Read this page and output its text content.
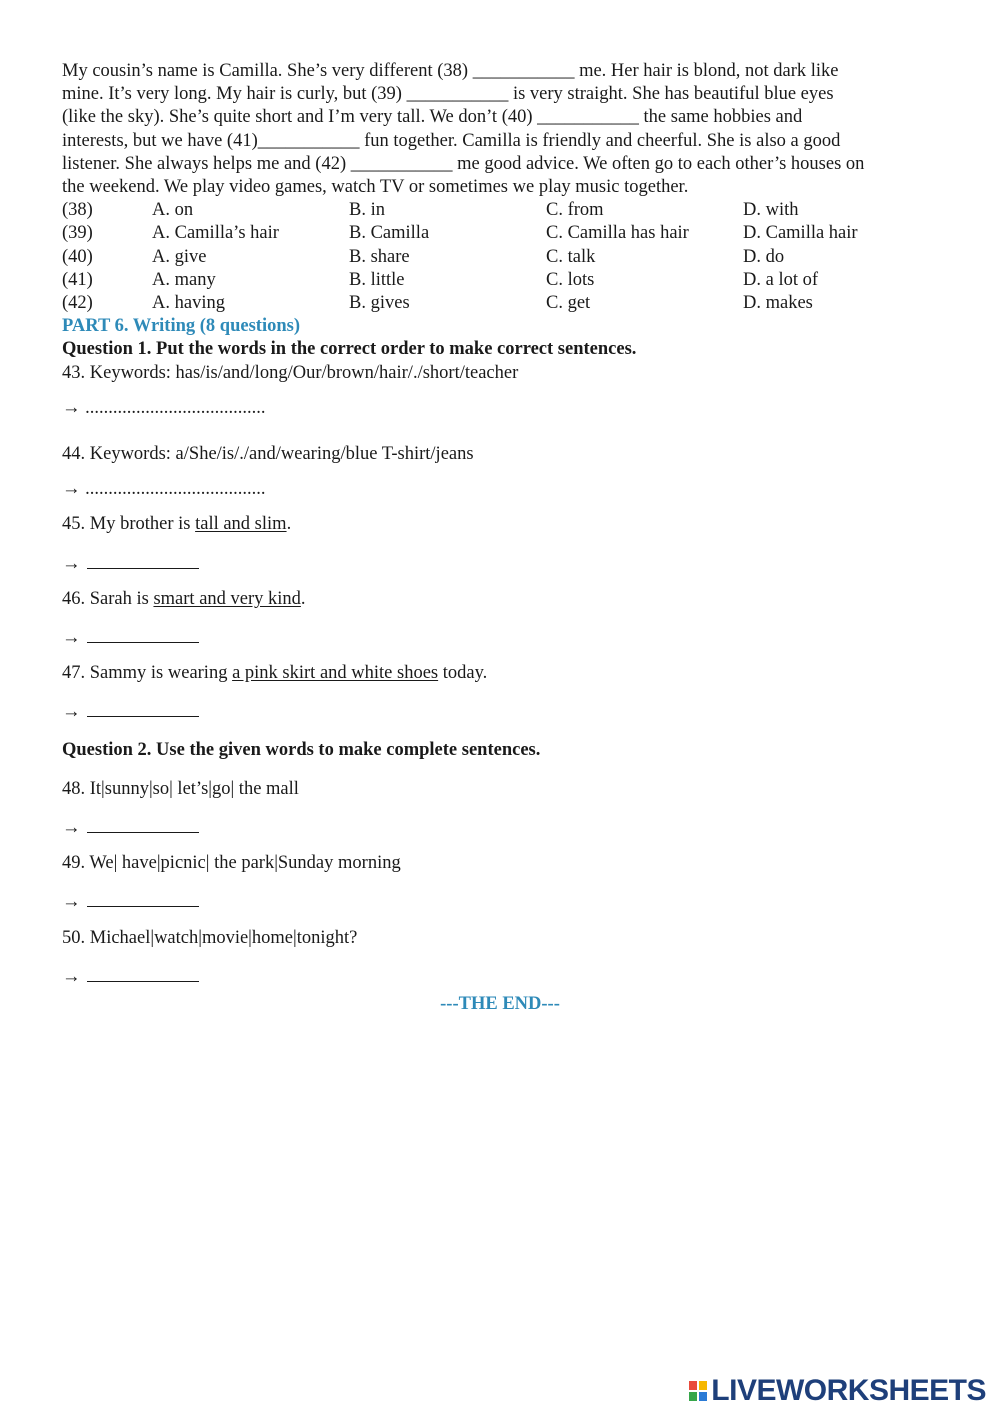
My cousin’s name is Camilla. She’s very different (38) ___________ me. Her hair is blond, not dark like
mine. It’s very long. My hair is curly, but (39) ___________ is very straight. She has beautiful blue eyes
(like the sky). She’s quite short and I’m very tall. We don’t (40) ___________ the same hobbies and
interests, but we have (41)___________ fun together. Camilla is friendly and cheerful. She is also a good
listener. She always helps me and (42) ___________ me good advice. We often go to each other’s houses on
the weekend. We play video games, watch TV or sometimes we play music together.
(38)	A. on	B. in	C. from	D. with
(39)	A. Camilla’s hair	B. Camilla	C. Camilla has hair	D. Camilla hair
(40)	A. give	B. share	C. talk	D. do
(41)	A. many	B. little	C. lots	D. a lot of
(42)	A. having	B. gives	C. get	D. makes
PART 6. Writing (8 questions)
Question 1. Put the words in the correct order to make correct sentences.
43. Keywords: has/is/and/long/Our/brown/hair/./short/teacher
→ .......................................
44. Keywords: a/She/is/./and/wearing/blue T-shirt/jeans
→ .......................................
45. My brother is tall and slim.
→
46. Sarah is smart and very kind.
→
47. Sammy is wearing a pink skirt and white shoes today.
→
Question 2. Use the given words to make complete sentences.
48. It|sunny|so| let’s|go| the mall
→
49. We| have|picnic| the park|Sunday morning
→
50. Michael|watch|movie|home|tonight?
→
---THE END---
LIVEWORKSHEETS
